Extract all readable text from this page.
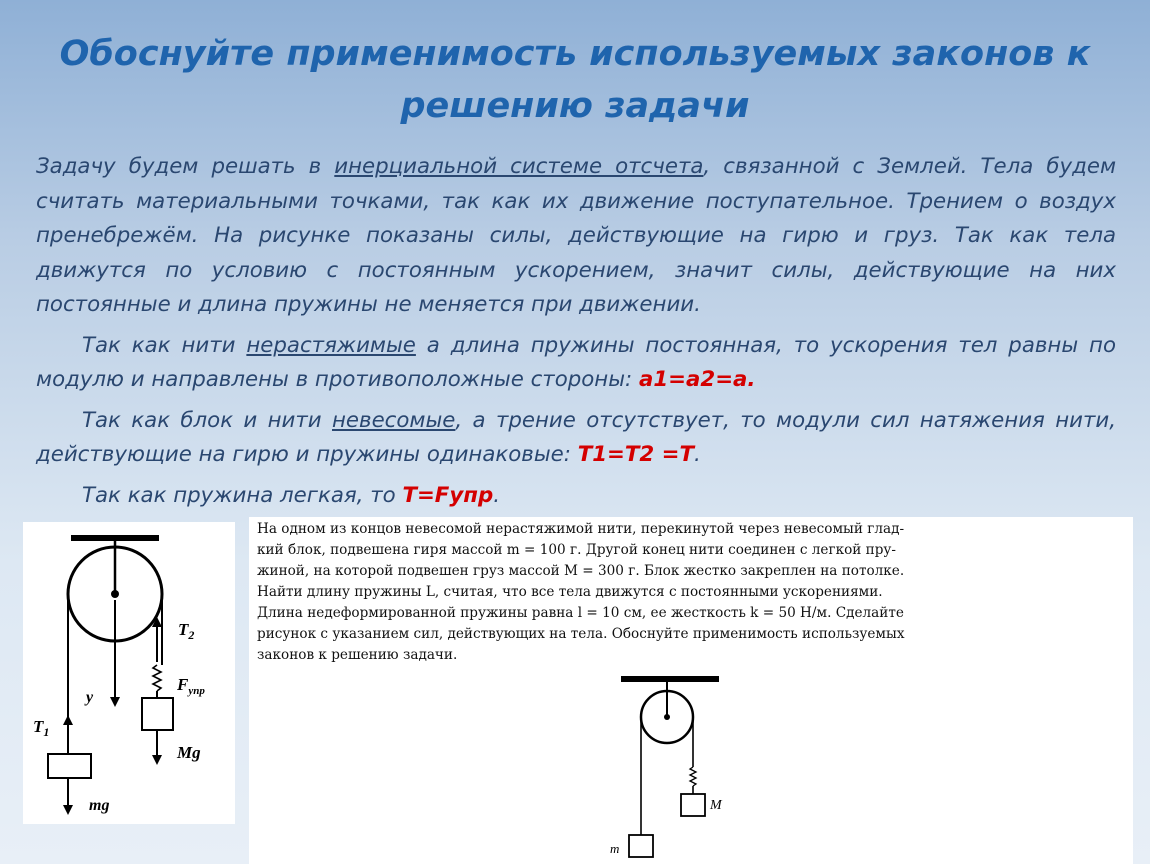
Обоснуйте применимость используемых законов к
решению задачи

Задачу будем решать в инерциальной системе отсчета, связанной с Землей. Тела будем считать материальными точками, так как их движение поступательное. Трением о воздух пренебрежём. На рисунке показаны силы, действующие на гирю и груз. Так как тела движутся по условию с постоянным ускорением, значит силы, действующие на них постоянные и длина пружины не меняется при движении.

Так как нити нерастяжимые а длина пружины постоянная, то ускорения тел равны по модулю и направлены в противоположные стороны: a1=a2=a.

Так как блок и нити невесомые, а трение отсутствует, то модули сил натяжения нити, действующие на гирю и пружины одинаковые: T1=T2 =T.

Так как пружина легкая, то T=Fупр.

$T_2$
$F_{упр}$
y
$T_1$
Mg
mg

На одном из концов невесомой нерастяжимой нити, перекинутой через невесомый глад-
кий блок, подвешена гиря массой m = 100 г. Другой конец нити соединен с легкой пру-
жиной, на которой подвешен груз массой M = 300 г. Блок жестко закреплен на потолке.
Найти длину пружины L, считая, что все тела движутся с постоянными ускорениями.
Длина недеформированной пружины равна l = 10 см, ее жесткость k = 50 Н/м. Сделайте
рисунок с указанием сил, действующих на тела. Обоснуйте применимость используемых
законов к решению задачи.

M
m
